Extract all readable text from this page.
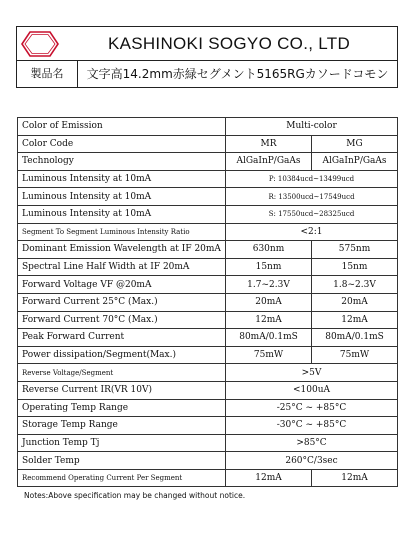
KASHINOKI SOGYO CO., LTD
製品名	文字高14.2mm赤緑セグメント5165RGカソードコモン
Color of Emission	Multi-color	
Color Code	MR	MG
Technology	AlGaInP/GaAs	AlGaInP/GaAs
Luminous Intensity at 10mA	P: 10384ucd~13499ucd	
Luminous Intensity at 10mA	R: 13500ucd~17549ucd	
Luminous Intensity at 10mA	S: 17550ucd~28325ucd	
Segment To Segment Luminous Intensity Ratio	<2:1	
Dominant Emission Wavelength at IF 20mA	630nm	575nm
Spectral Line Half Width at IF 20mA	15nm	15nm
Forward Voltage VF @20mA	1.7~2.3V	1.8~2.3V
Forward Current 25°C (Max.)	20mA	20mA
Forward Current 70°C (Max.)	12mA	12mA
Peak Forward Current	80mA/0.1mS	80mA/0.1mS
Power dissipation/Segment(Max.)	75mW	75mW
Reverse Voltage/Segment	>5V	
Reverse Current IR(VR 10V)	<100uA	
Operating Temp Range	-25°C ~ +85°C	
Storage Temp Range	-30°C ~ +85°C	
Junction Temp Tj	>85°C	
Solder Temp	260°C/3sec	
Recommend Operating Current Per Segment	12mA	12mA
Notes:Above specification may be changed without notice.
